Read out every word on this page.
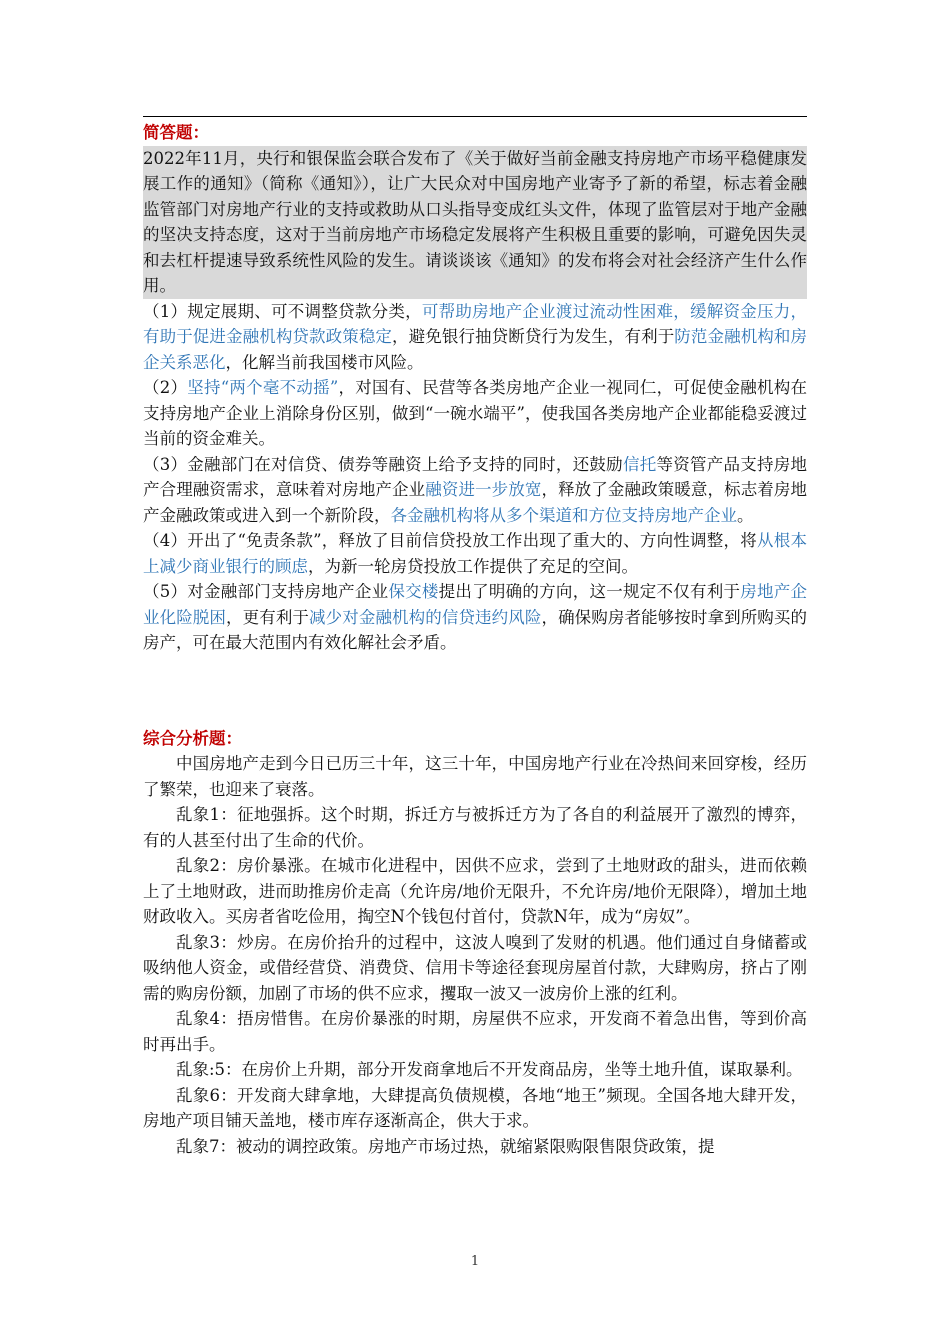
简答题：

2022年11月，央行和银保监会联合发布了《关于做好当前金融支持房地产市场平稳健康发展工作的通知》（简称《通知》），让广大民众对中国房地产业寄予了新的希望，标志着金融监管部门对房地产行业的支持或救助从口头指导变成红头文件，体现了监管层对于地产金融的坚决支持态度，这对于当前房地产市场稳定发展将产生积极且重要的影响，可避免因失灵和去杠杆提速导致系统性风险的发生。请谈谈该《通知》的发布将会对社会经济产生什么作用。

（1）规定展期、可不调整贷款分类，可帮助房地产企业渡过流动性困难，缓解资金压力，有助于促进金融机构贷款政策稳定，避免银行抽贷断贷行为发生，有利于防范金融机构和房企关系恶化，化解当前我国楼市风险。

（2）坚持“两个毫不动摇”，对国有、民营等各类房地产企业一视同仁，可促使金融机构在支持房地产企业上消除身份区别，做到“一碗水端平”，使我国各类房地产企业都能稳妥渡过当前的资金难关。

（3）金融部门在对信贷、债券等融资上给予支持的同时，还鼓励信托等资管产品支持房地产合理融资需求，意味着对房地产企业融资进一步放宽，释放了金融政策暖意，标志着房地产金融政策或进入到一个新阶段，各金融机构将从多个渠道和方位支持房地产企业。

（4）开出了“免责条款”，释放了目前信贷投放工作出现了重大的、方向性调整，将从根本上减少商业银行的顾虑，为新一轮房贷投放工作提供了充足的空间。

（5）对金融部门支持房地产企业保交楼提出了明确的方向，这一规定不仅有利于房地产企业化险脱困，更有利于减少对金融机构的信贷违约风险，确保购房者能够按时拿到所购买的房产，可在最大范围内有效化解社会矛盾。

综合分析题：

中国房地产走到今日已历三十年，这三十年，中国房地产行业在冷热间来回穿梭，经历了繁荣，也迎来了衰落。

乱象1：征地强拆。这个时期，拆迁方与被拆迁方为了各自的利益展开了激烈的博弈，有的人甚至付出了生命的代价。

乱象2：房价暴涨。在城市化进程中，因供不应求，尝到了土地财政的甜头，进而依赖上了土地财政，进而助推房价走高（允许房/地价无限升，不允许房/地价无限降），增加土地财政收入。买房者省吃俭用，掏空N个钱包付首付，贷款N年，成为“房奴”。

乱象3：炒房。在房价抬升的过程中，这波人嗅到了发财的机遇。他们通过自身储蓄或吸纳他人资金，或借经营贷、消费贷、信用卡等途径套现房屋首付款，大肆购房，挤占了刚需的购房份额，加剧了市场的供不应求，攫取一波又一波房价上涨的红利。

乱象4：捂房惜售。在房价暴涨的时期，房屋供不应求，开发商不着急出售，等到价高时再出手。

乱象:5：在房价上升期，部分开发商拿地后不开发商品房，坐等土地升值，谋取暴利。

乱象6：开发商大肆拿地，大肆提高负债规模，各地“地王”频现。全国各地大肆开发，房地产项目铺天盖地，楼市库存逐渐高企，供大于求。

乱象7：被动的调控政策。房地产市场过热，就缩紧限购限售限贷政策，提

1
